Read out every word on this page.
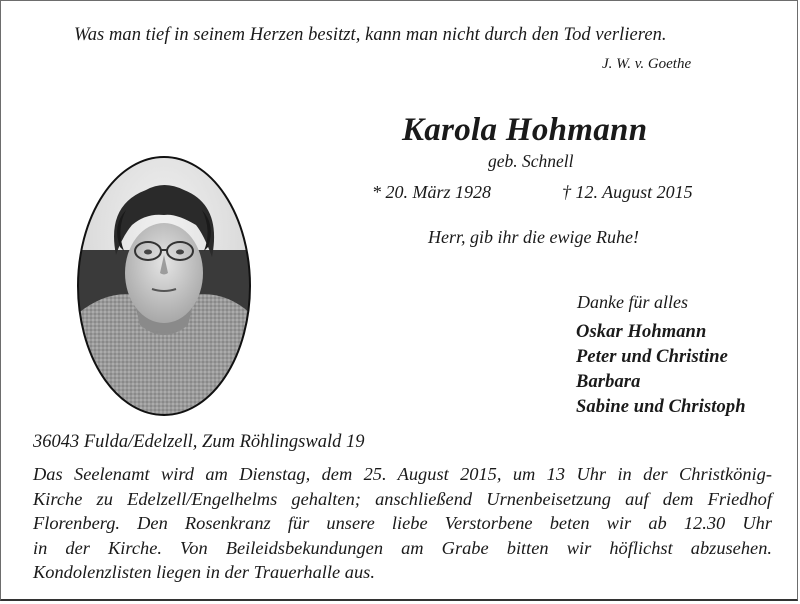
Was man tief in seinem Herzen besitzt, kann man nicht durch den Tod verlieren.
J. W. v. Goethe
Karola Hohmann
geb. Schnell
* 20. März 1928	† 12. August 2015
Herr, gib ihr die ewige Ruhe!
Danke für alles
Oskar Hohmann
Peter und Christine
Barbara
Sabine und Christoph
36043 Fulda/Edelzell, Zum Röhlingswald 19
Das Seelenamt wird am Dienstag, dem 25. August 2015, um 13 Uhr in der Christkönig-
Kirche zu Edelzell/Engelhelms gehalten; anschließend Urnenbeisetzung auf dem Friedhof
Florenberg. Den Rosenkranz für unsere liebe Verstorbene beten wir ab 12.30 Uhr
in der Kirche. Von Beileidsbekundungen am Grabe bitten wir höflichst abzusehen.
Kondolenzlisten liegen in der Trauerhalle aus.
